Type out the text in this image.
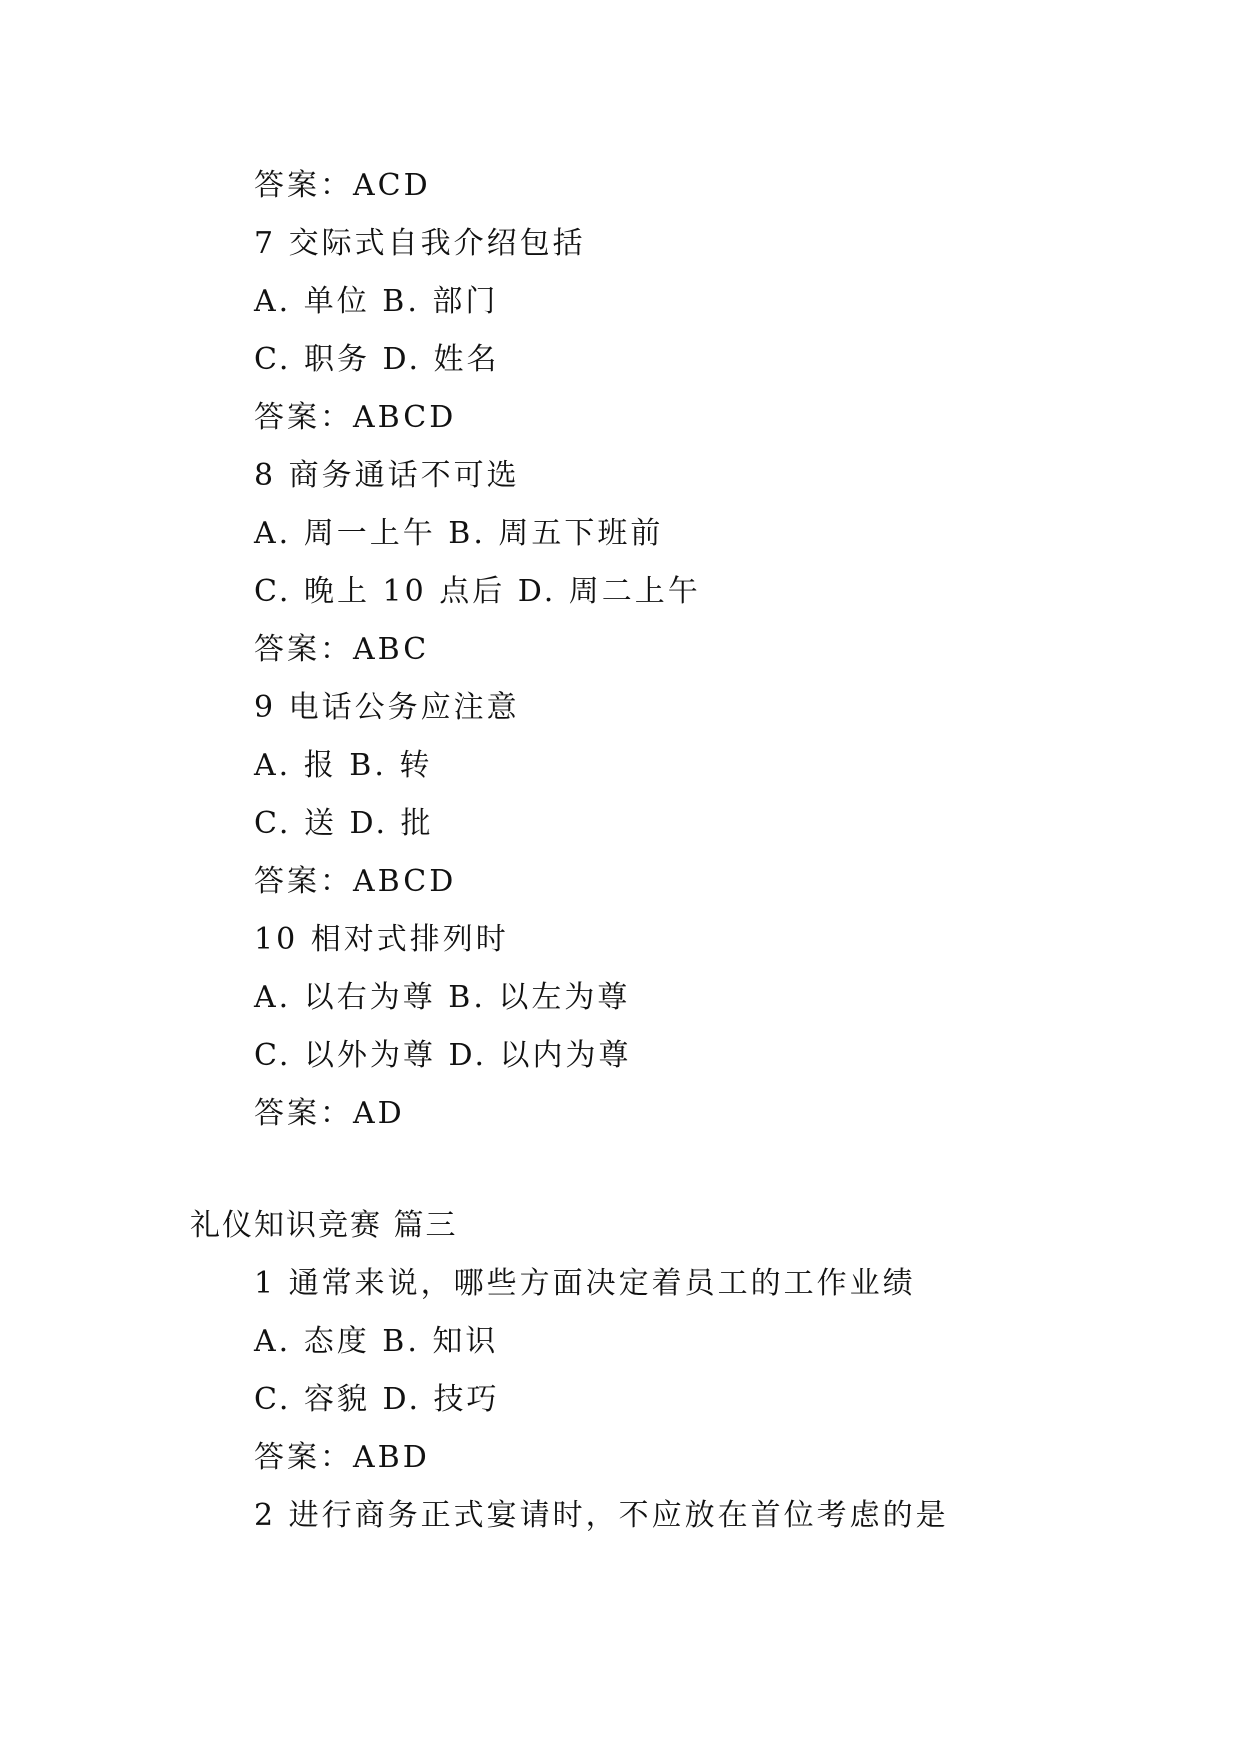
答案：ACD
7 交际式自我介绍包括
A. 单位 B. 部门
C. 职务 D. 姓名
答案：ABCD
8 商务通话不可选
A. 周一上午 B. 周五下班前
C. 晚上 10 点后 D. 周二上午
答案：ABC
9 电话公务应注意
A. 报 B. 转
C. 送 D. 批
答案：ABCD
10 相对式排列时
A. 以右为尊 B. 以左为尊
C. 以外为尊 D. 以内为尊
答案：AD
礼仪知识竞赛 篇三
1 通常来说，哪些方面决定着员工的工作业绩
A. 态度 B. 知识
C. 容貌 D. 技巧
答案：ABD
2 进行商务正式宴请时，不应放在首位考虑的是
